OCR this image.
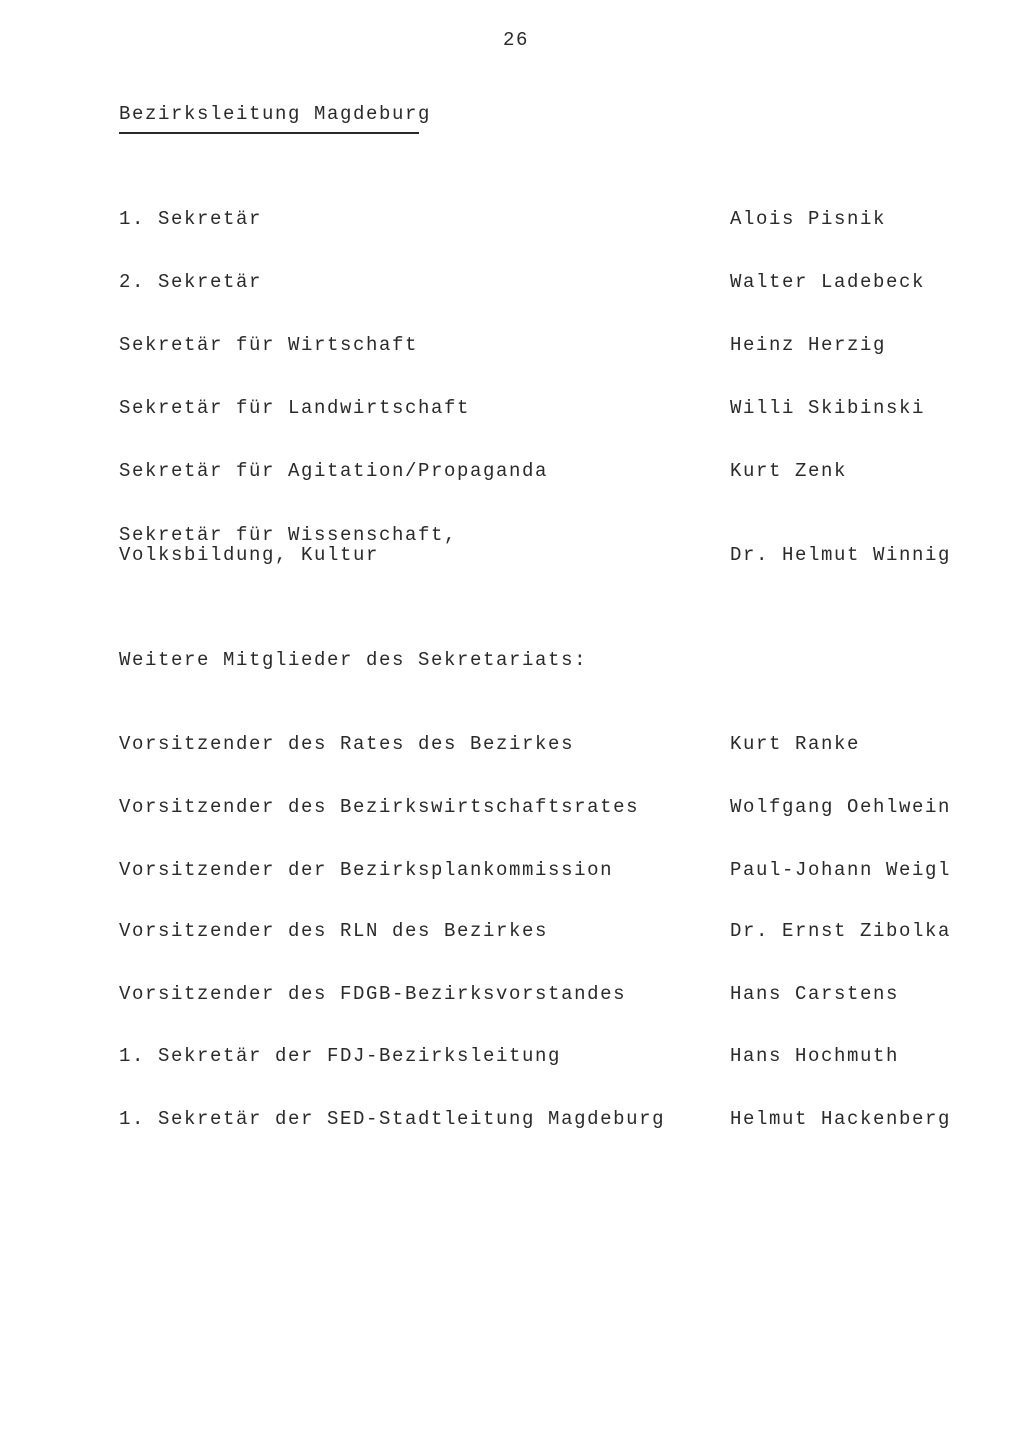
26
Bezirksleitung Magdeburg
1. Sekretär	Alois Pisnik
2. Sekretär	Walter Ladebeck
Sekretär für Wirtschaft	Heinz Herzig
Sekretär für Landwirtschaft	Willi Skibinski
Sekretär für Agitation/Propaganda	Kurt Zenk
Sekretär für Wissenschaft,
Volksbildung, Kultur	Dr. Helmut Winnig
Weitere Mitglieder des Sekretariats:
Vorsitzender des Rates des Bezirkes	Kurt Ranke
Vorsitzender des Bezirkswirtschaftsrates	Wolfgang Oehlwein
Vorsitzender der Bezirksplankommission	Paul-Johann Weigl
Vorsitzender des RLN des Bezirkes	Dr. Ernst Zibolka
Vorsitzender des FDGB-Bezirksvorstandes	Hans Carstens
1. Sekretär der FDJ-Bezirksleitung	Hans Hochmuth
1. Sekretär der SED-Stadtleitung Magdeburg	Helmut Hackenberg
